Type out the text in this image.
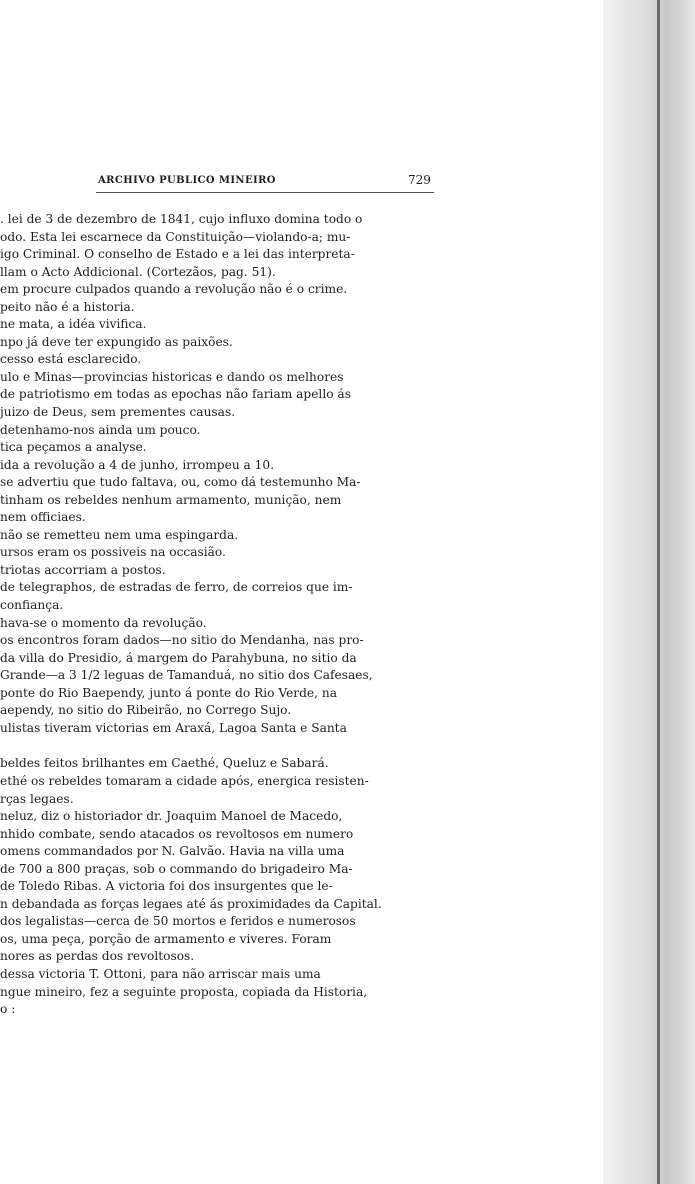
ARCHIVO PUBLICO MINEIRO	729
. lei de 3 de dezembro de 1841, cujo influxo domina todo o
odo. Esta lei escarnece da Constituição—violando-a; mu-
igo Criminal. O conselho de Estado e a lei das interpreta-
llam o Acto Addicional. (Cortezãos, pag. 51).
em procure culpados quando a revolução não é o crime.
peito não é a historia.
ne mata, a idéa vivifica.
npo já deve ter expungido as paixões.
cesso está esclarecido.
ulo e Minas—provincias historicas e dando os melhores
de patriotismo em todas as epochas não fariam apello ás
juizo de Deus, sem prementes causas.
detenhamo-nos ainda um pouco.
tica peçamos a analyse.
ida a revolução a 4 de junho, irrompeu a 10.
se advertiu que tudo faltava, ou, como dá testemunho Ma-
tinham os rebeldes nenhum armamento, munição, nem
nem officiaes.
não se remetteu nem uma espingarda.
ursos eram os possiveis na occasião.
triotas accorriam a postos.
de telegraphos, de estradas de ferro, de correios que im-
confiança.
hava-se o momento da revolução.
os encontros foram dados—no sitio do Mendanha, nas pro-
da villa do Presidio, á margem do Parahybuna, no sitio da
Grande—a 3 1/2 leguas de Tamanduá, no sitio dos Cafesaes,
ponte do Rio Baependy, junto á ponte do Rio Verde, na
aependy, no sitio do Ribeirão, no Corrego Sujo.
ulistas tiveram victorias em Araxá, Lagoa Santa e Santa
beldes feitos brilhantes em Caethé, Queluz e Sabará.
ethé os rebeldes tomaram a cidade após, energica resisten-
rças legaes.
neluz, diz o historiador dr. Joaquim Manoel de Macedo,
nhido combate, sendo atacados os revoltosos em numero
omens commandados por N. Galvão. Havia na villa uma
de 700 a 800 praças, sob o commando do brigadeiro Ma-
de Toledo Ribas. A victoria foi dos insurgentes que le-
n debandada as forças legaes até ás proximidades da Capital.
dos legalistas—cerca de 50 mortos e feridos e numerosos
os, uma peça, porção de armamento e viveres. Foram
nores as perdas dos revoltosos.
dessa victoria T. Ottoni, para não arriscar mais uma
ngue mineiro, fez a seguinte proposta, copiada da Historia,
o :
